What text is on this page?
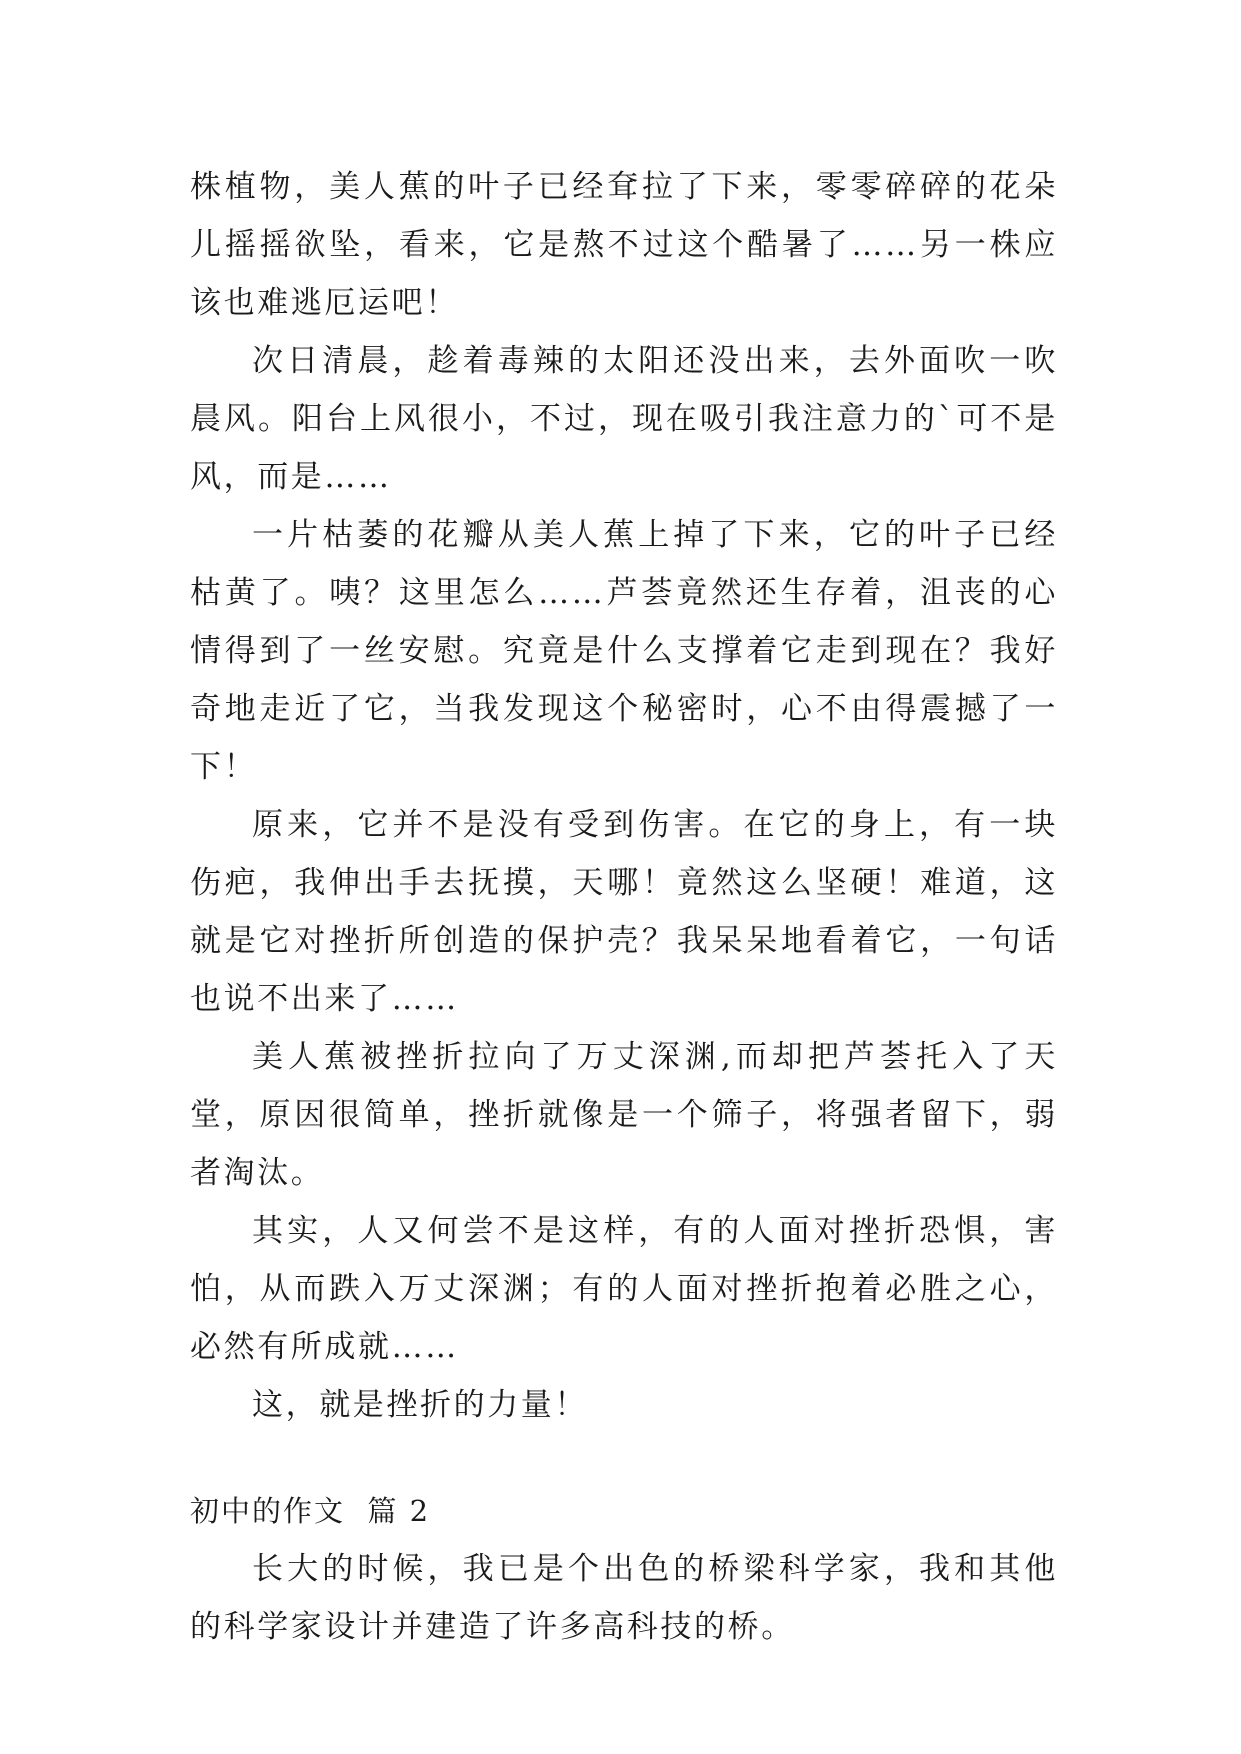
株植物，美人蕉的叶子已经耷拉了下来，零零碎碎的花朵儿摇摇欲坠，看来，它是熬不过这个酷暑了……另一株应该也难逃厄运吧！

次日清晨，趁着毒辣的太阳还没出来，去外面吹一吹晨风。阳台上风很小，不过，现在吸引我注意力的`可不是风，而是……

一片枯萎的花瓣从美人蕉上掉了下来，它的叶子已经枯黄了。咦？这里怎么……芦荟竟然还生存着，沮丧的心情得到了一丝安慰。究竟是什么支撑着它走到现在？我好奇地走近了它，当我发现这个秘密时，心不由得震撼了一下！

原来，它并不是没有受到伤害。在它的身上，有一块伤疤，我伸出手去抚摸，天哪！竟然这么坚硬！难道，这就是它对挫折所创造的保护壳？我呆呆地看着它，一句话也说不出来了……

美人蕉被挫折拉向了万丈深渊,而却把芦荟托入了天堂，原因很简单，挫折就像是一个筛子，将强者留下，弱者淘汰。

其实，人又何尝不是这样，有的人面对挫折恐惧，害怕，从而跌入万丈深渊；有的人面对挫折抱着必胜之心，必然有所成就……

这，就是挫折的力量！

初中的作文  篇 2

长大的时候，我已是个出色的桥梁科学家，我和其他的科学家设计并建造了许多高科技的桥。
